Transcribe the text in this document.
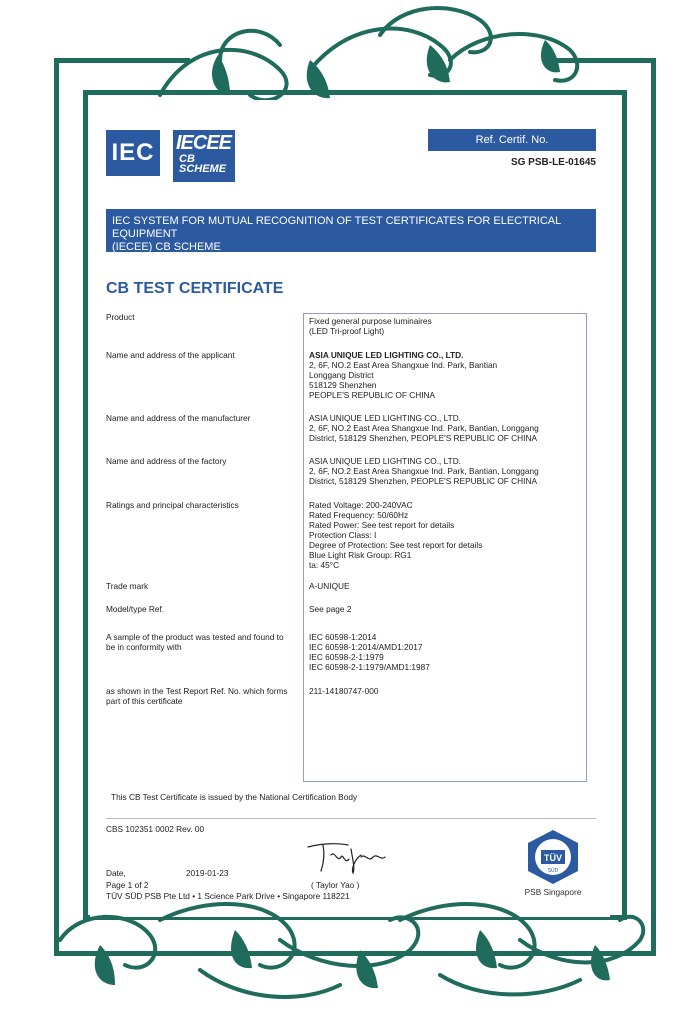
IEC IECEE
CB
SCHEME
Ref. Certif. No.
SG PSB-LE-01645
IEC SYSTEM FOR MUTUAL RECOGNITION OF TEST CERTIFICATES FOR ELECTRICAL EQUIPMENT
(IECEE) CB SCHEME
CB TEST CERTIFICATE
Product	Fixed general purpose luminaires
(LED Tri-proof Light)
Name and address of the applicant	ASIA UNIQUE LED LIGHTING CO., LTD.
2, 6F, NO.2 East Area Shangxue Ind. Park, Bantian
Longgang District
518129 Shenzhen
PEOPLE'S REPUBLIC OF CHINA
Name and address of the manufacturer	ASIA UNIQUE LED LIGHTING CO., LTD.
2, 6F, NO.2 East Area Shangxue Ind. Park, Bantian, Longgang
District, 518129 Shenzhen, PEOPLE'S REPUBLIC OF CHINA
Name and address of the factory	ASIA UNIQUE LED LIGHTING CO., LTD.
2, 6F, NO.2 East Area Shangxue Ind. Park, Bantian, Longgang
District, 518129 Shenzhen, PEOPLE'S REPUBLIC OF CHINA
Ratings and principal characteristics	Rated Voltage: 200-240VAC
Rated Frequency: 50/60Hz
Rated Power: See test report for details
Protection Class: I
Degree of Protection: See test report for details
Blue Light Risk Group: RG1
ta: 45°C
Trade mark	A-UNIQUE
Model/type Ref.	See page 2
A sample of the product was tested and found to be in conformity with
IEC 60598-1:2014
IEC 60598-1:2014/AMD1:2017
IEC 60598-2-1:1979
IEC 60598-2-1:1979/AMD1:1987
as shown in the Test Report Ref. No. which forms part of this certificate
211-14180747-000
This CB Test Certificate is issued by the National Certification Body
CBS 102351 0002 Rev. 00
Date,	2019-01-23
Page 1 of 2	( Taylor Yao )
TÜV SÜD PSB Pte Ltd • 1 Science Park Drive • Singapore 118221
TÜV
SÜD
PSB Singapore
